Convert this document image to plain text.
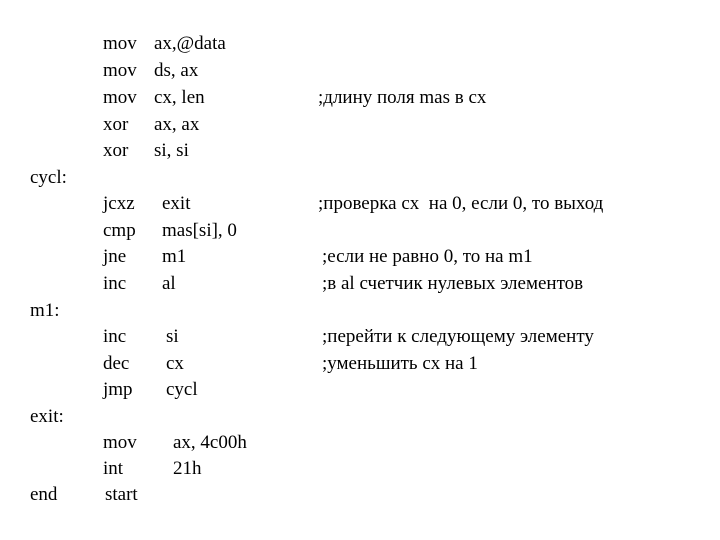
mov ax,@data
mov ds, ax
mov cx, len	;длину поля mas в cx
xor ax, ax
xor si, si
cycl:
jcxz exit	;проверка cx  на 0, если 0, то выход
cmp mas[si], 0
jne m1	;если не равно 0, то на m1
inc al	;в al счетчик нулевых элементов
m1:
inc si	;перейти к следующему элементу
dec cx	;уменьшить cx на 1
jmp cycl
exit:
mov ax, 4c00h
int	21h
end	start
